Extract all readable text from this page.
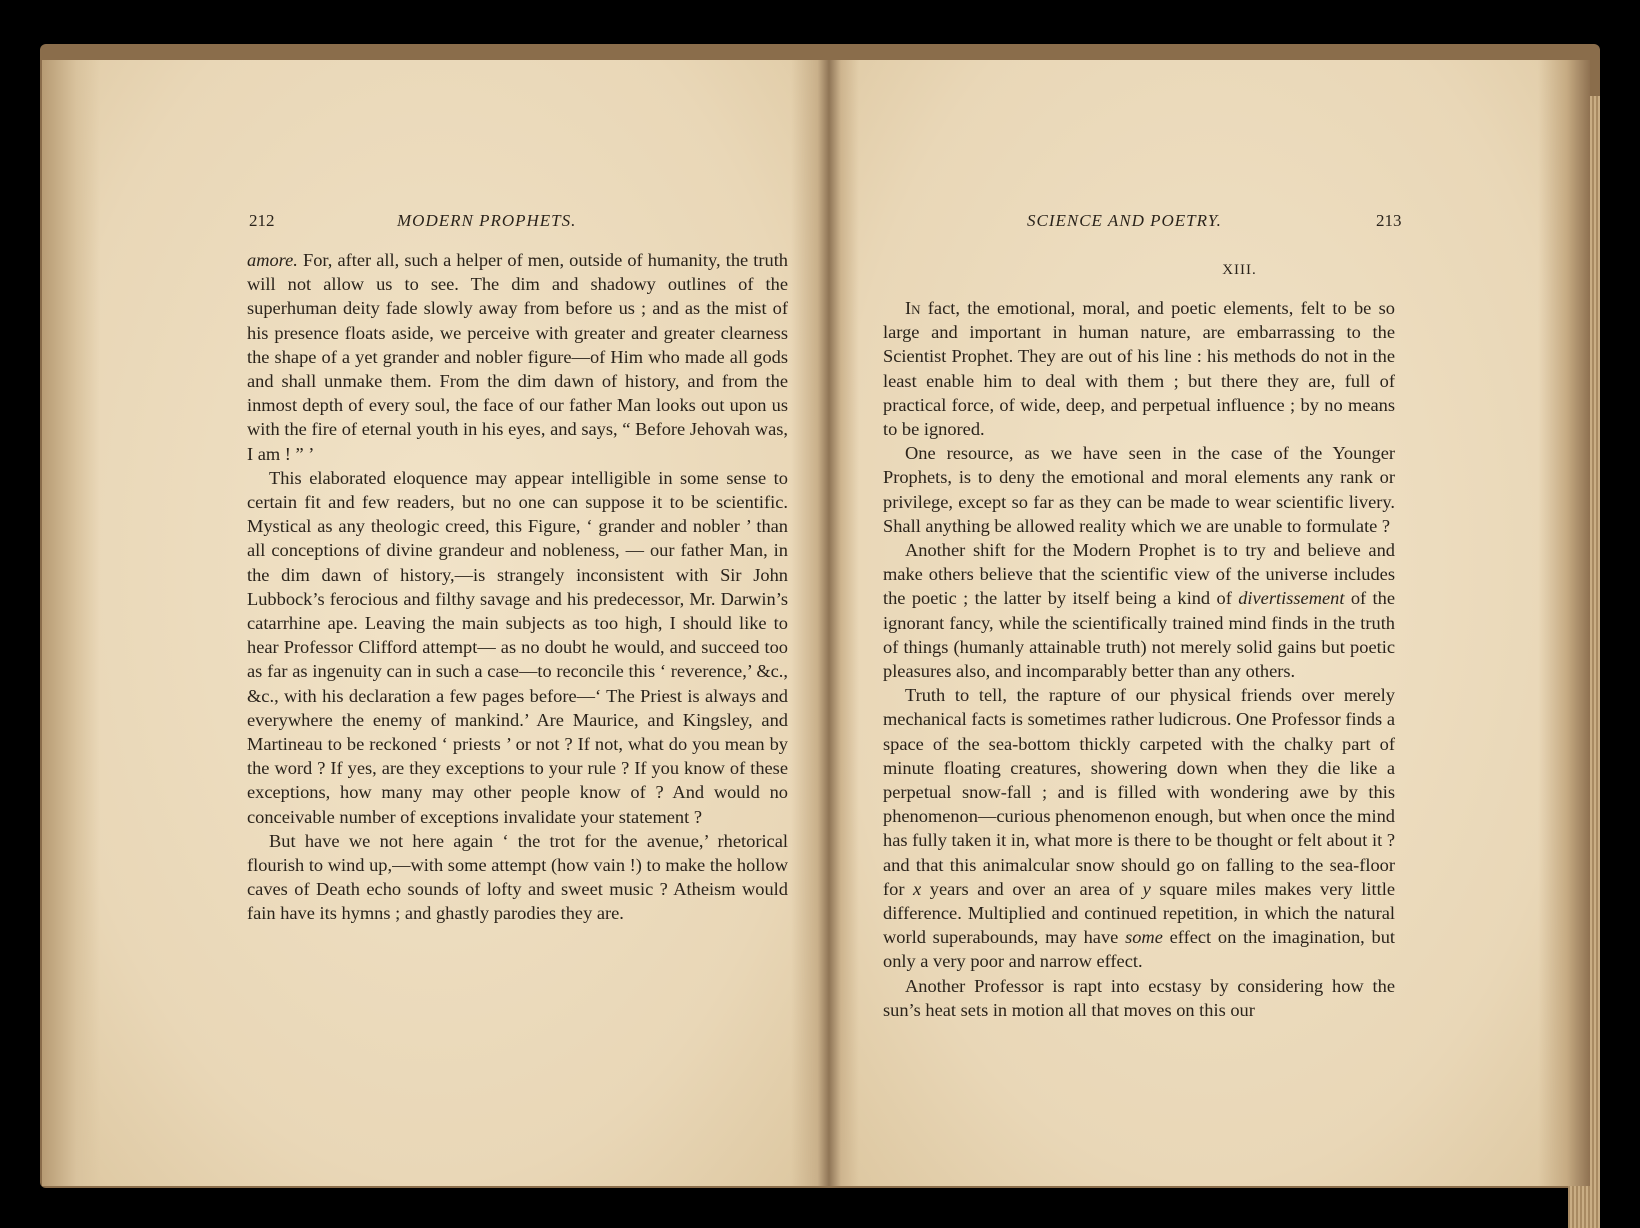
212	MODERN PROPHETS.

amore. For, after all, such a helper of men, outside of humanity, the truth will not allow us to see. The dim and shadowy outlines of the superhuman deity fade slowly away from before us ; and as the mist of his presence floats aside, we perceive with greater and greater clearness the shape of a yet grander and nobler figure—of Him who made all gods and shall unmake them. From the dim dawn of history, and from the inmost depth of every soul, the face of our father Man looks out upon us with the fire of eternal youth in his eyes, and says, “ Before Jehovah was, I am ! ” ’

This elaborated eloquence may appear intelligible in some sense to certain fit and few readers, but no one can suppose it to be scientific. Mystical as any theologic creed, this Figure, ‘ grander and nobler ’ than all conceptions of divine grandeur and nobleness, — our father Man, in the dim dawn of history,—is strangely inconsistent with Sir John Lubbock’s ferocious and filthy savage and his predecessor, Mr. Darwin’s catarrhine ape. Leaving the main subjects as too high, I should like to hear Professor Clifford attempt— as no doubt he would, and succeed too as far as ingenuity can in such a case—to reconcile this ‘ reverence,’ &c., &c., with his declaration a few pages before—‘ The Priest is always and everywhere the enemy of mankind.’ Are Maurice, and Kingsley, and Martineau to be reckoned ‘ priests ’ or not ? If not, what do you mean by the word ? If yes, are they exceptions to your rule ? If you know of these exceptions, how many may other people know of ? And would no conceivable number of exceptions invalidate your statement ?

But have we not here again ‘ the trot for the avenue,’ rhetorical flourish to wind up,—with some attempt (how vain !) to make the hollow caves of Death echo sounds of lofty and sweet music ? Atheism would fain have its hymns ; and ghastly parodies they are.

SCIENCE AND POETRY.	213
XIII.

In fact, the emotional, moral, and poetic elements, felt to be so large and important in human nature, are embarrassing to the Scientist Prophet. They are out of his line : his methods do not in the least enable him to deal with them ; but there they are, full of practical force, of wide, deep, and perpetual influence ; by no means to be ignored.

One resource, as we have seen in the case of the Younger Prophets, is to deny the emotional and moral elements any rank or privilege, except so far as they can be made to wear scientific livery. Shall anything be allowed reality which we are unable to formulate ?

Another shift for the Modern Prophet is to try and believe and make others believe that the scientific view of the universe includes the poetic ; the latter by itself being a kind of divertissement of the ignorant fancy, while the scientifically trained mind finds in the truth of things (humanly attainable truth) not merely solid gains but poetic pleasures also, and incomparably better than any others.

Truth to tell, the rapture of our physical friends over merely mechanical facts is sometimes rather ludicrous. One Professor finds a space of the sea-bottom thickly carpeted with the chalky part of minute floating creatures, showering down when they die like a perpetual snow-fall ; and is filled with wondering awe by this phenomenon—curious phenomenon enough, but when once the mind has fully taken it in, what more is there to be thought or felt about it ? and that this animalcular snow should go on falling to the sea-floor for x years and over an area of y square miles makes very little difference. Multiplied and continued repetition, in which the natural world superabounds, may have some effect on the imagination, but only a very poor and narrow effect.

Another Professor is rapt into ecstasy by considering how the sun’s heat sets in motion all that moves on this our
